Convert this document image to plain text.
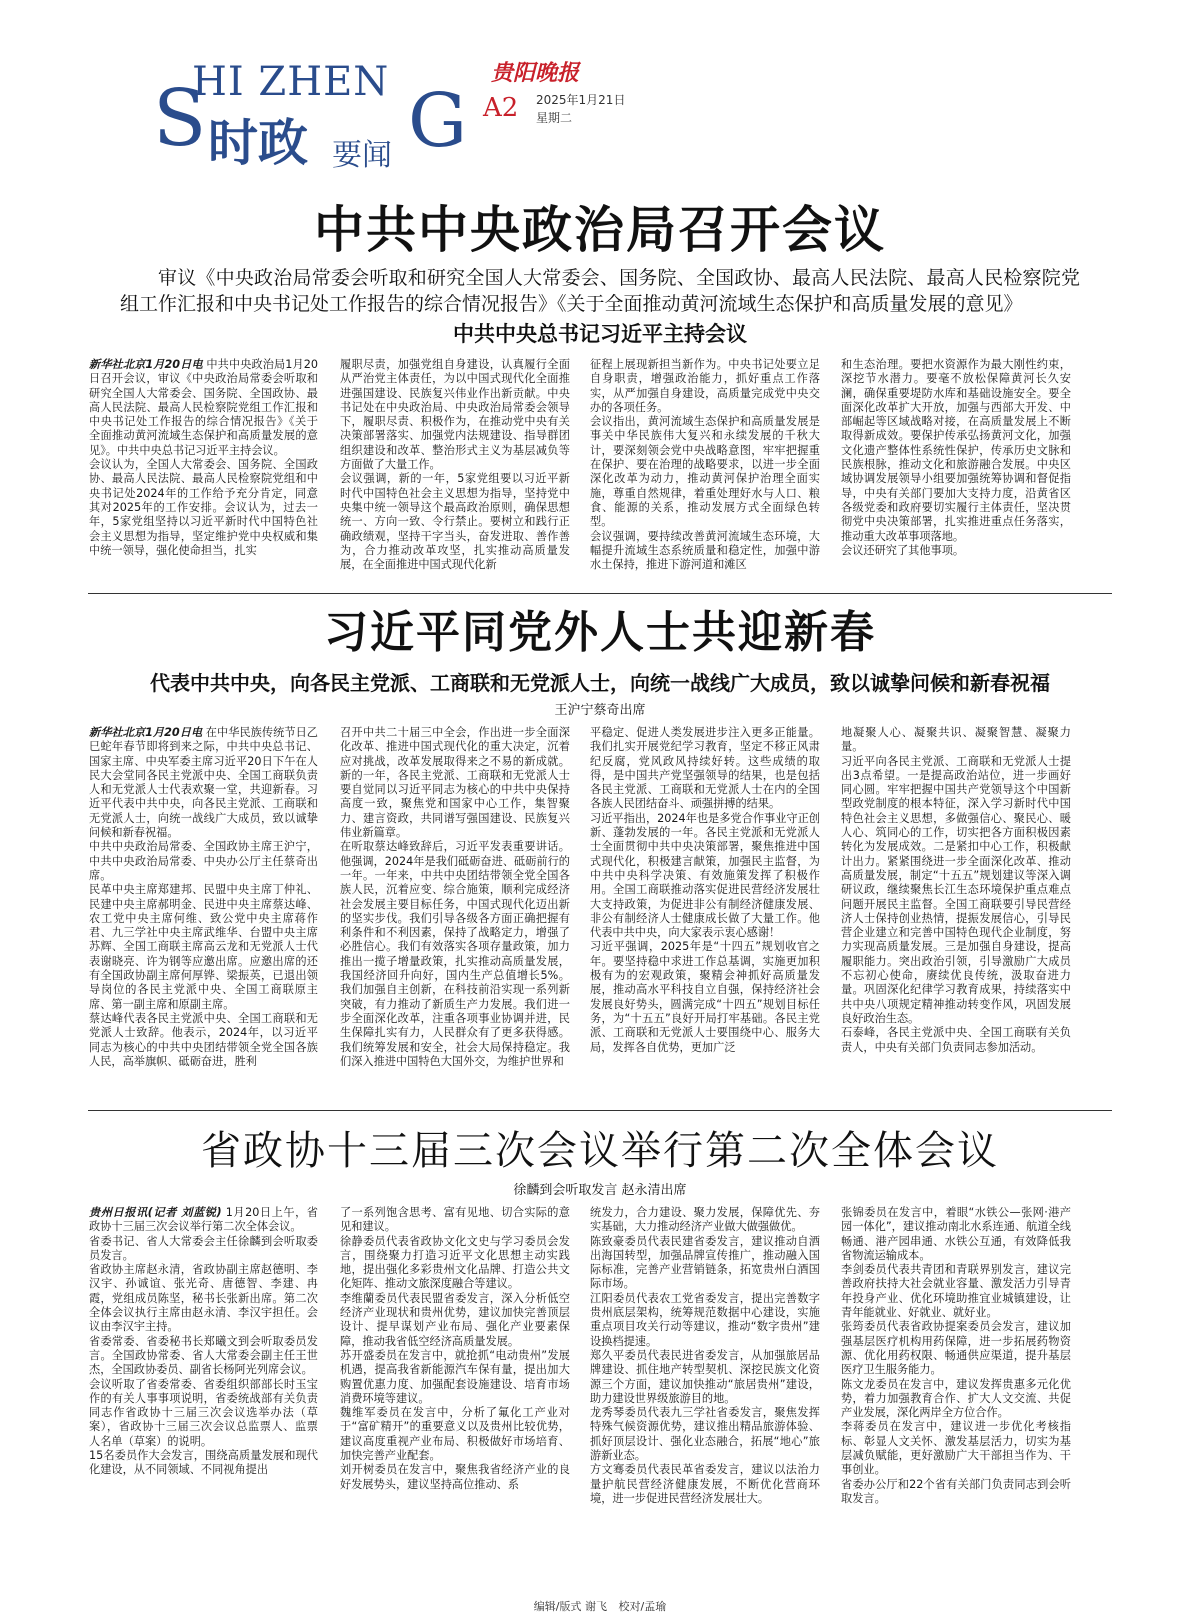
S
HI ZHEN G
时政 要闻
贵阳晚报
A2 2025年1月21日
星期二
中共中央政治局召开会议
审议《中央政治局常委会听取和研究全国人大常委会、国务院、全国政协、最高人民法院、最高人民检察院党组工作汇报和中央书记处工作报告的综合情况报告》《关于全面推动黄河流域生态保护和高质量发展的意见》
中共中央总书记习近平主持会议
新华社北京1月20日电 中共中央政治局1月20日召开会议，审议《中央政治局常委会听取和研究全国人大常委会、国务院、全国政协、最高人民法院、最高人民检察院党组工作汇报和中央书记处工作报告的综合情况报告》《关于全面推动黄河流域生态保护和高质量发展的意见》。中共中央总书记习近平主持会议。
会议认为，全国人大常委会、国务院、全国政协、最高人民法院、最高人民检察院党组和中央书记处2024年的工作给予充分肯定，同意其对2025年的工作安排。会议认为，过去一年，5家党组坚持以习近平新时代中国特色社会主义思想为指导，坚定维护党中央权威和集中统一领导，强化使命担当，扎实
履职尽责，加强党组自身建设，认真履行全面从严治党主体责任，为以中国式现代化全面推进强国建设、民族复兴伟业作出新贡献。中央书记处在中央政治局、中央政治局常委会领导下，履职尽责、积极作为，在推动党中央有关决策部署落实、加强党内法规建设、指导群团组织建设和改革、整治形式主义为基层减负等方面做了大量工作。
会议强调，新的一年，5家党组要以习近平新时代中国特色社会主义思想为指导，坚持党中央集中统一领导这个最高政治原则，确保思想统一、方向一致、令行禁止。要树立和践行正确政绩观，坚持干字当头，奋发进取、善作善为，合力推动改革攻坚，扎实推动高质量发展，在全面推进中国式现代化新
征程上展现新担当新作为。中央书记处要立足自身职责，增强政治能力，抓好重点工作落实，从严加强自身建设，高质量完成党中央交办的各项任务。
会议指出，黄河流域生态保护和高质量发展是事关中华民族伟大复兴和永续发展的千秋大计，要深刻领会党中央战略意图，牢牢把握重在保护、要在治理的战略要求，以进一步全面深化改革为动力，推动黄河保护治理全面实施，尊重自然规律，着重处理好水与人口、粮食、能源的关系，推动发展方式全面绿色转型。
会议强调，要持续改善黄河流域生态环境，大幅提升流域生态系统质量和稳定性，加强中游水土保持，推进下游河道和滩区
和生态治理。要把水资源作为最大刚性约束，深挖节水潜力。要毫不放松保障黄河长久安澜，确保重要堤防水库和基础设施安全。要全面深化改革扩大开放，加强与西部大开发、中部崛起等区域战略对接，在高质量发展上不断取得新成效。要保护传承弘扬黄河文化，加强文化遗产整体性系统性保护，传承历史文脉和民族根脉，推动文化和旅游融合发展。中央区域协调发展领导小组要加强统筹协调和督促指导，中央有关部门要加大支持力度，沿黄省区各级党委和政府要切实履行主体责任，坚决贯彻党中央决策部署，扎实推进重点任务落实，推动重大改革事项落地。
会议还研究了其他事项。
习近平同党外人士共迎新春
代表中共中央，向各民主党派、工商联和无党派人士，向统一战线广大成员，致以诚挚问候和新春祝福
王沪宁蔡奇出席
新华社北京1月20日电 在中华民族传统节日乙巳蛇年春节即将到来之际，中共中央总书记、国家主席、中央军委主席习近平20日下午在人民大会堂同各民主党派中央、全国工商联负责人和无党派人士代表欢聚一堂，共迎新春。习近平代表中共中央，向各民主党派、工商联和无党派人士，向统一战线广大成员，致以诚挚问候和新春祝福。
中共中央政治局常委、全国政协主席王沪宁，中共中央政治局常委、中央办公厅主任蔡奇出席。
民革中央主席郑建邦、民盟中央主席丁仲礼、民建中央主席郝明金、民进中央主席蔡达峰、农工党中央主席何维、致公党中央主席蒋作君、九三学社中央主席武维华、台盟中央主席苏辉、全国工商联主席高云龙和无党派人士代表谢晓亮、许为钢等应邀出席。应邀出席的还有全国政协副主席何厚铧、梁振英，已退出领导岗位的各民主党派中央、全国工商联原主席、第一副主席和原副主席。
蔡达峰代表各民主党派中央、全国工商联和无党派人士致辞。他表示，2024年，以习近平同志为核心的中共中央团结带领全党全国各族人民，高举旗帜、砥砺奋进，胜利
召开中共二十届三中全会，作出进一步全面深化改革、推进中国式现代化的重大决定，沉着应对挑战，改革发展取得来之不易的新成就。新的一年，各民主党派、工商联和无党派人士要自觉同以习近平同志为核心的中共中央保持高度一致，聚焦党和国家中心工作，集智聚力、建言资政，共同谱写强国建设、民族复兴伟业新篇章。
在听取蔡达峰致辞后，习近平发表重要讲话。他强调，2024年是我们砥砺奋进、砥砺前行的一年。一年来，中共中央团结带领全党全国各族人民，沉着应变、综合施策，顺利完成经济社会发展主要目标任务，中国式现代化迈出新的坚实步伐。我们引导各级各方面正确把握有利条件和不利因素，保持了战略定力，增强了必胜信心。我们有效落实各项存量政策，加力推出一揽子增量政策，扎实推动高质量发展，我国经济回升向好，国内生产总值增长5%。我们加强自主创新，在科技前沿实现一系列新突破，有力推动了新质生产力发展。我们进一步全面深化改革，注重各项事业协调并进，民生保障扎实有力，人民群众有了更多获得感。我们统筹发展和安全，社会大局保持稳定。我们深入推进中国特色大国外交，为维护世界和
平稳定、促进人类发展进步注入更多正能量。我们扎实开展党纪学习教育，坚定不移正风肃纪反腐，党风政风持续好转。这些成绩的取得，是中国共产党坚强领导的结果，也是包括各民主党派、工商联和无党派人士在内的全国各族人民团结奋斗、顽强拼搏的结果。
习近平指出，2024年也是多党合作事业守正创新、蓬勃发展的一年。各民主党派和无党派人士全面贯彻中共中央决策部署，聚焦推进中国式现代化，积极建言献策，加强民主监督，为中共中央科学决策、有效施策发挥了积极作用。全国工商联推动落实促进民营经济发展壮大支持政策，为促进非公有制经济健康发展、非公有制经济人士健康成长做了大量工作。他代表中共中央，向大家表示衷心感谢！
习近平强调，2025年是“十四五”规划收官之年。要坚持稳中求进工作总基调，实施更加积极有为的宏观政策，聚精会神抓好高质量发展，推动高水平科技自立自强，保持经济社会发展良好势头，圆满完成“十四五”规划目标任务，为“十五五”良好开局打牢基础。各民主党派、工商联和无党派人士要围绕中心、服务大局，发挥各自优势，更加广泛
地凝聚人心、凝聚共识、凝聚智慧、凝聚力量。
习近平向各民主党派、工商联和无党派人士提出3点希望。一是提高政治站位，进一步画好同心圆。牢牢把握中国共产党领导这个中国新型政党制度的根本特征，深入学习新时代中国特色社会主义思想，多做强信心、聚民心、暖人心、筑同心的工作，切实把各方面积极因素转化为发展成效。二是紧扣中心工作，积极献计出力。紧紧围绕进一步全面深化改革、推动高质量发展，制定“十五五”规划建议等深入调研议政，继续聚焦长江生态环境保护重点难点问题开展民主监督。全国工商联要引导民营经济人士保持创业热情，提振发展信心，引导民营企业建立和完善中国特色现代企业制度，努力实现高质量发展。三是加强自身建设，提高履职能力。突出政治引领，引导激励广大成员不忘初心使命，赓续优良传统，汲取奋进力量。巩固深化纪律学习教育成果，持续落实中共中央八项规定精神推动转变作风，巩固发展良好政治生态。
石泰峰，各民主党派中央、全国工商联有关负责人，中央有关部门负责同志参加活动。
省政协十三届三次会议举行第二次全体会议
徐麟到会听取发言 赵永清出席
贵州日报讯(记者 刘蓝锐) 1月20日上午，省政协十三届三次会议举行第二次全体会议。
省委书记、省人大常委会主任徐麟到会听取委员发言。
省政协主席赵永清，省政协副主席赵德明、李汉宇、孙诚谊、张光奇、唐德智、李建、冉霞，党组成员陈坚，秘书长张新出席。第二次全体会议执行主席由赵永清、李汉宇担任。会议由李汉宇主持。
省委常委、省委秘书长郑曦文到会听取委员发言。全国政协常委、省人大常委会副主任王世杰，全国政协委员、副省长杨阿光列席会议。
会议听取了省委常委、省委组织部部长时玉宝作的有关人事事项说明，省委统战部有关负责同志作省政协十三届三次会议选举办法（草案），省政协十三届三次会议总监票人、监票人名单（草案）的说明。
15名委员作大会发言，围绕高质量发展和现代化建设，从不同领域、不同视角提出
了一系列饱含思考、富有见地、切合实际的意见和建议。
徐静委员代表省政协文化文史与学习委员会发言，围绕聚力打造习近平文化思想主动实践地，提出强化多彩贵州文化品牌、打造公共文化矩阵、推动文旅深度融合等建议。
李维蘭委员代表民盟省委发言，深入分析低空经济产业现状和贵州优势，建议加快完善顶层设计、提早谋划产业布局、强化产业要素保障，推动我省低空经济高质量发展。
苏开盛委员在发言中，就抢抓“电动贵州”发展机遇，提高我省新能源汽车保有量，提出加大购置优惠力度、加强配套设施建设、培育市场消费环境等建议。
魏维军委员在发言中，分析了氟化工产业对于“富矿精开”的重要意义以及贵州比较优势，建议高度重视产业布局、积极做好市场培育、加快完善产业配套。
刘开树委员在发言中，聚焦我省经济产业的良好发展势头，建议坚持高位推动、系
统发力，合力建设、聚力发展，保障优先、夯实基础，大力推动经济产业做大做强做优。
陈致豪委员代表民建省委发言，建议推动自酒出海国转型，加强品牌宣传推广，推动融入国际标准，完善产业营销链条，拓宽贵州白酒国际市场。
江阳委员代表农工党省委发言，提出完善数字贵州底层架构，统筹规范数据中心建设，实施重点项目攻关行动等建议，推动“数字贵州”建设换档提速。
郑久平委员代表民进省委发言，从加强旅居品牌建设、抓住地产转型契机、深挖民族文化资源三个方面，建议加快推动“旅居贵州”建设，助力建设世界级旅游目的地。
龙秀琴委员代表九三学社省委发言，聚焦发挥特殊气候资源优势，建议推出精品旅游体验、抓好顶层设计、强化业态融合，拓展“地心”旅游新业态。
方文骞委员代表民革省委发言，建议以法治力量护航民营经济健康发展，不断优化营商环境，进一步促进民营经济发展壮大。
张锦委员在发言中，着眼“水铁公—张网·港产园一体化”，建议推动南北水系连通、航道全线畅通、港产园串通、水铁公互通，有效降低我省物流运输成本。
李剑委员代表共青团和青联界别发言，建议完善政府扶持大社会就业容量、激发活力引导青年投身产业、优化环境助推宜业城镇建设，让青年能就业、好就业、就好业。
张筠委员代表省政协提案委员会发言，建议加强基层医疗机构用药保障，进一步拓展药物资源、优化用药权限、畅通供应渠道，提升基层医疗卫生服务能力。
陈文龙委员在发言中，建议发挥贵惠多元化优势，着力加强教育合作、扩大人文交流、共促产业发展，深化两岸全方位合作。
李蒋委员在发言中，建议进一步优化考核指标、彰显人文关怀、激发基层活力，切实为基层减负赋能，更好激励广大干部担当作为、干事创业。
省委办公厅和22个省有关部门负责同志到会听取发言。
编辑/版式 谢飞 校对/孟瑜
